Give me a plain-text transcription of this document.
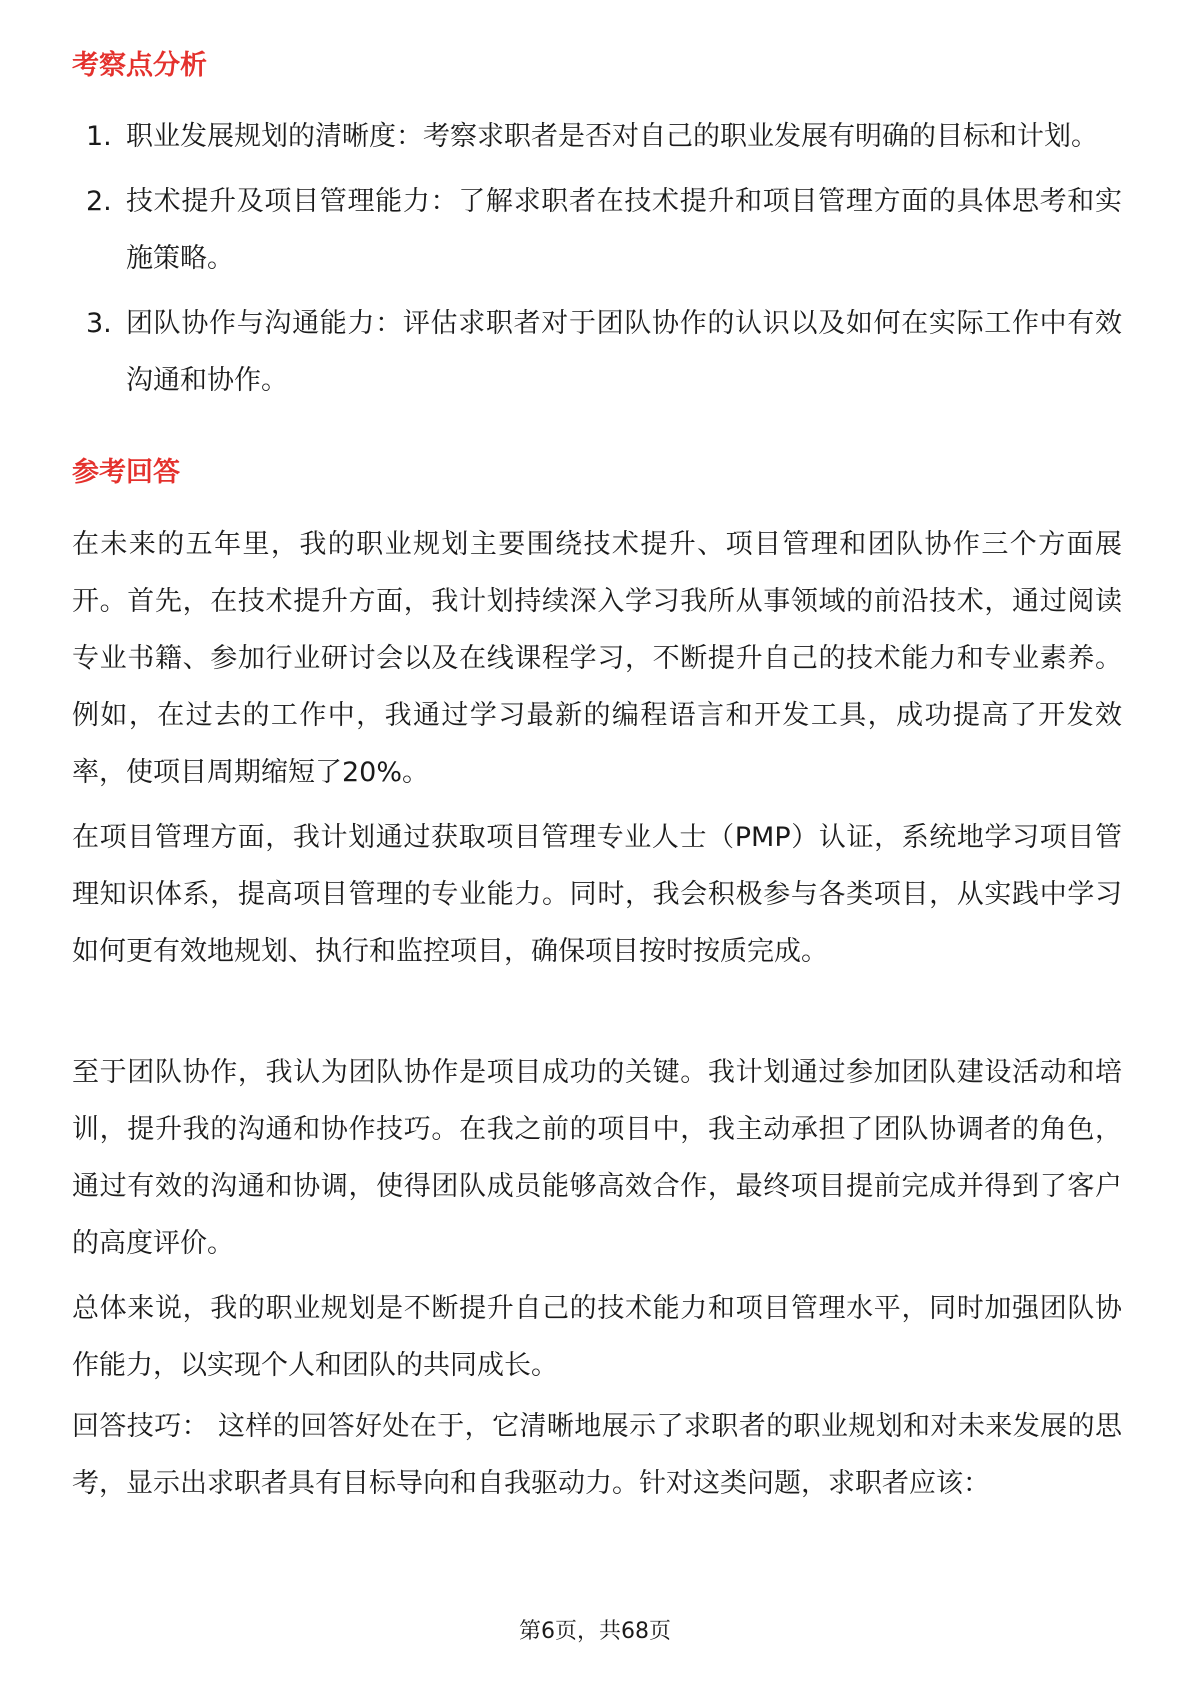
考察点分析
1. 职业发展规划的清晰度：考察求职者是否对自己的职业发展有明确的目标和计划。
2. 技术提升及项目管理能力：了解求职者在技术提升和项目管理方面的具体思考和实施策略。
3. 团队协作与沟通能力：评估求职者对于团队协作的认识以及如何在实际工作中有效沟通和协作。
参考回答

在未来的五年里，我的职业规划主要围绕技术提升、项目管理和团队协作三个方面展开。首先，在技术提升方面，我计划持续深入学习我所从事领域的前沿技术，通过阅读专业书籍、参加行业研讨会以及在线课程学习，不断提升自己的技术能力和专业素养。例如，在过去的工作中，我通过学习最新的编程语言和开发工具，成功提高了开发效率，使项目周期缩短了20%。

在项目管理方面，我计划通过获取项目管理专业人士（PMP）认证，系统地学习项目管理知识体系，提高项目管理的专业能力。同时，我会积极参与各类项目，从实践中学习如何更有效地规划、执行和监控项目，确保项目按时按质完成。

至于团队协作，我认为团队协作是项目成功的关键。我计划通过参加团队建设活动和培训，提升我的沟通和协作技巧。在我之前的项目中，我主动承担了团队协调者的角色，通过有效的沟通和协调，使得团队成员能够高效合作，最终项目提前完成并得到了客户的高度评价。

总体来说，我的职业规划是不断提升自己的技术能力和项目管理水平，同时加强团队协作能力，以实现个人和团队的共同成长。

回答技巧： 这样的回答好处在于，它清晰地展示了求职者的职业规划和对未来发展的思考，显示出求职者具有目标导向和自我驱动力。针对这类问题，求职者应该：

第6页，共68页
